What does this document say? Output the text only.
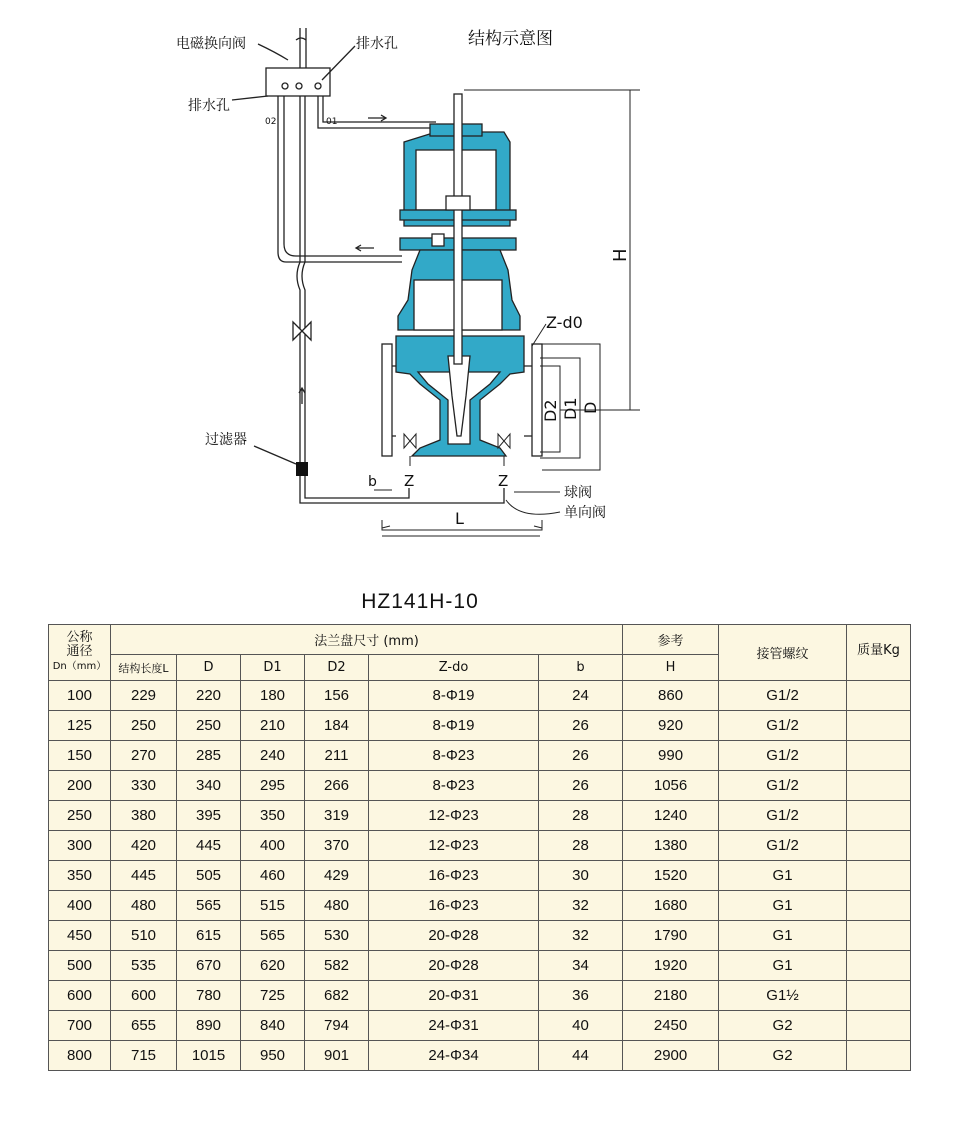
结构示意图
电磁换向阀	排水孔
排水孔
02	01
过滤器
球阀
单向阀
Z-d0
H
D2 D1 D
L
b Z	Z
HZ141H-10
公称
通径
Dn（mm）	法兰盘尺寸 (mm)						参考	接管螺纹	质量Kg
	结构长度L	D	D1	D2	Z-do	b	H		
100	229	220	180	156	8-Φ19	24	860	G1/2	
125	250	250	210	184	8-Φ19	26	920	G1/2	
150	270	285	240	211	8-Φ23	26	990	G1/2	
200	330	340	295	266	8-Φ23	26	1056	G1/2	
250	380	395	350	319	12-Φ23	28	1240	G1/2	
300	420	445	400	370	12-Φ23	28	1380	G1/2	
350	445	505	460	429	16-Φ23	30	1520	G1	
400	480	565	515	480	16-Φ23	32	1680	G1	
450	510	615	565	530	20-Φ28	32	1790	G1	
500	535	670	620	582	20-Φ28	34	1920	G1	
600	600	780	725	682	20-Φ31	36	2180	G1½	
700	655	890	840	794	24-Φ31	40	2450	G2	
800	715	1015	950	901	24-Φ34	44	2900	G2	
